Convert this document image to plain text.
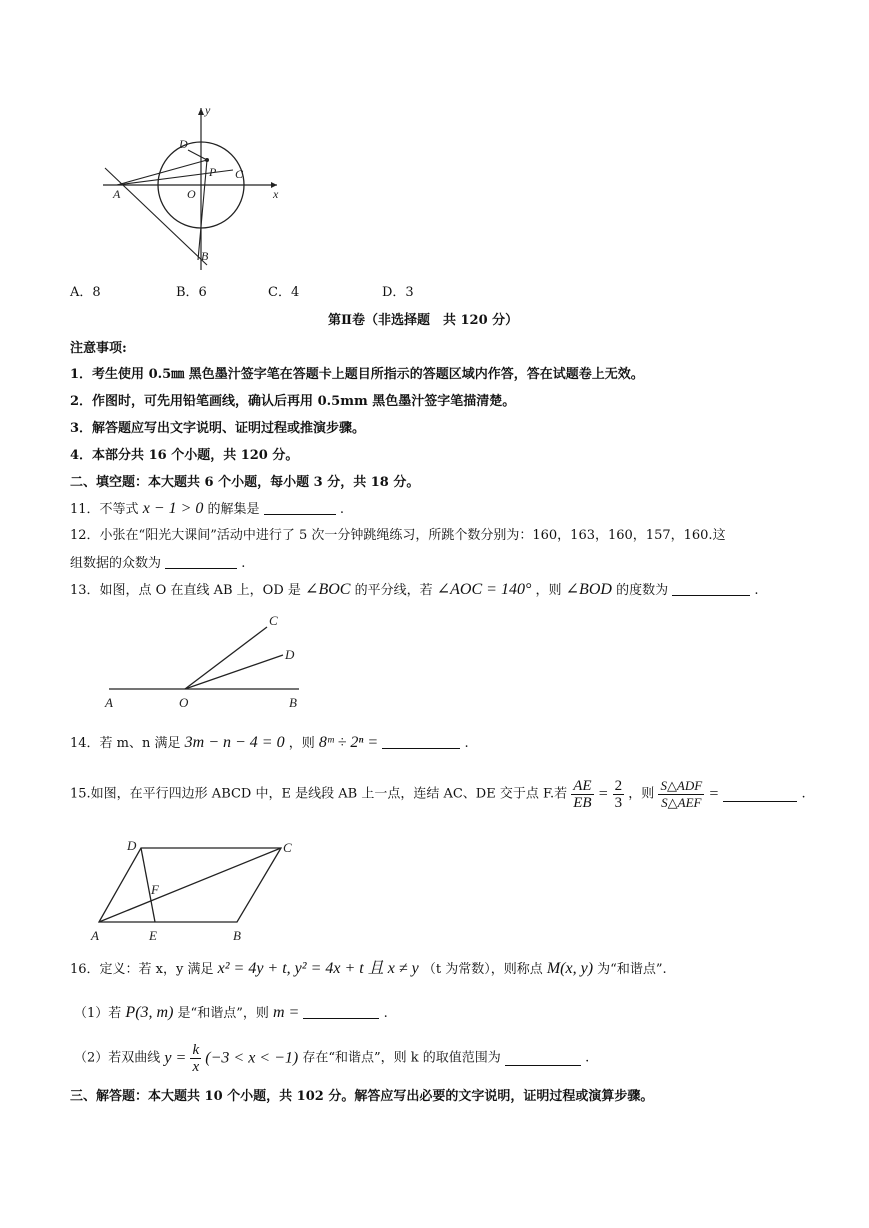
y
x
D
P C
A	O
B
A．8	B．6	C．4	D．3
第Ⅱ卷（非选择题　共 120 分）
注意事项:
1．考生使用 0.5㎜ 黑色墨汁签字笔在答题卡上题目所指示的答题区域内作答，答在试题卷上无效。
2．作图时，可先用铅笔画线，确认后再用 0.5mm 黑色墨汁签字笔描清楚。
3．解答题应写出文字说明、证明过程或推演步骤。
4．本部分共 16 个小题，共 120 分。
二、填空题：本大题共 6 个小题，每小题 3 分，共 18 分。
11．不等式 x − 1 > 0 的解集是	.
12．小张在“阳光大课间”活动中进行了 5 次一分钟跳绳练习，所跳个数分别为：160，163，160，157，160.这
组数据的众数为	.
13．如图，点 O 在直线 AB 上，OD 是 ∠BOC 的平分线，若 ∠AOC = 140° ，则 ∠BOD 的度数为	.
C
D
A	O	B
14．若 m、n 满足 3m − n − 4 = 0 ，则 8ᵐ ÷ 2ⁿ =	.
15.如图，在平行四边形 ABCD 中，E 是线段 AB 上一点，连结 AC、DE 交于点 F.若 $\frac{AE}{EB} = \frac{2}{3}$ ，则 $\frac{\text{S△ADF}}{\text{S△AEF}}$ =	.
D	C
F
A	E	B
16．定义：若 x，y 满足 x² = 4y + t, y² = 4x + t 且 x ≠ y （t 为常数），则称点 M(x, y) 为“和谐点”.
（1）若 P(3, m) 是“和谐点”，则 m =	.
（2）若双曲线 $y = \frac{k}{x} (-3 < x < -1)$ 存在“和谐点”，则 k 的取值范围为	.
三、解答题：本大题共 10 个小题，共 102 分。解答应写出必要的文字说明，证明过程或演算步骤。
